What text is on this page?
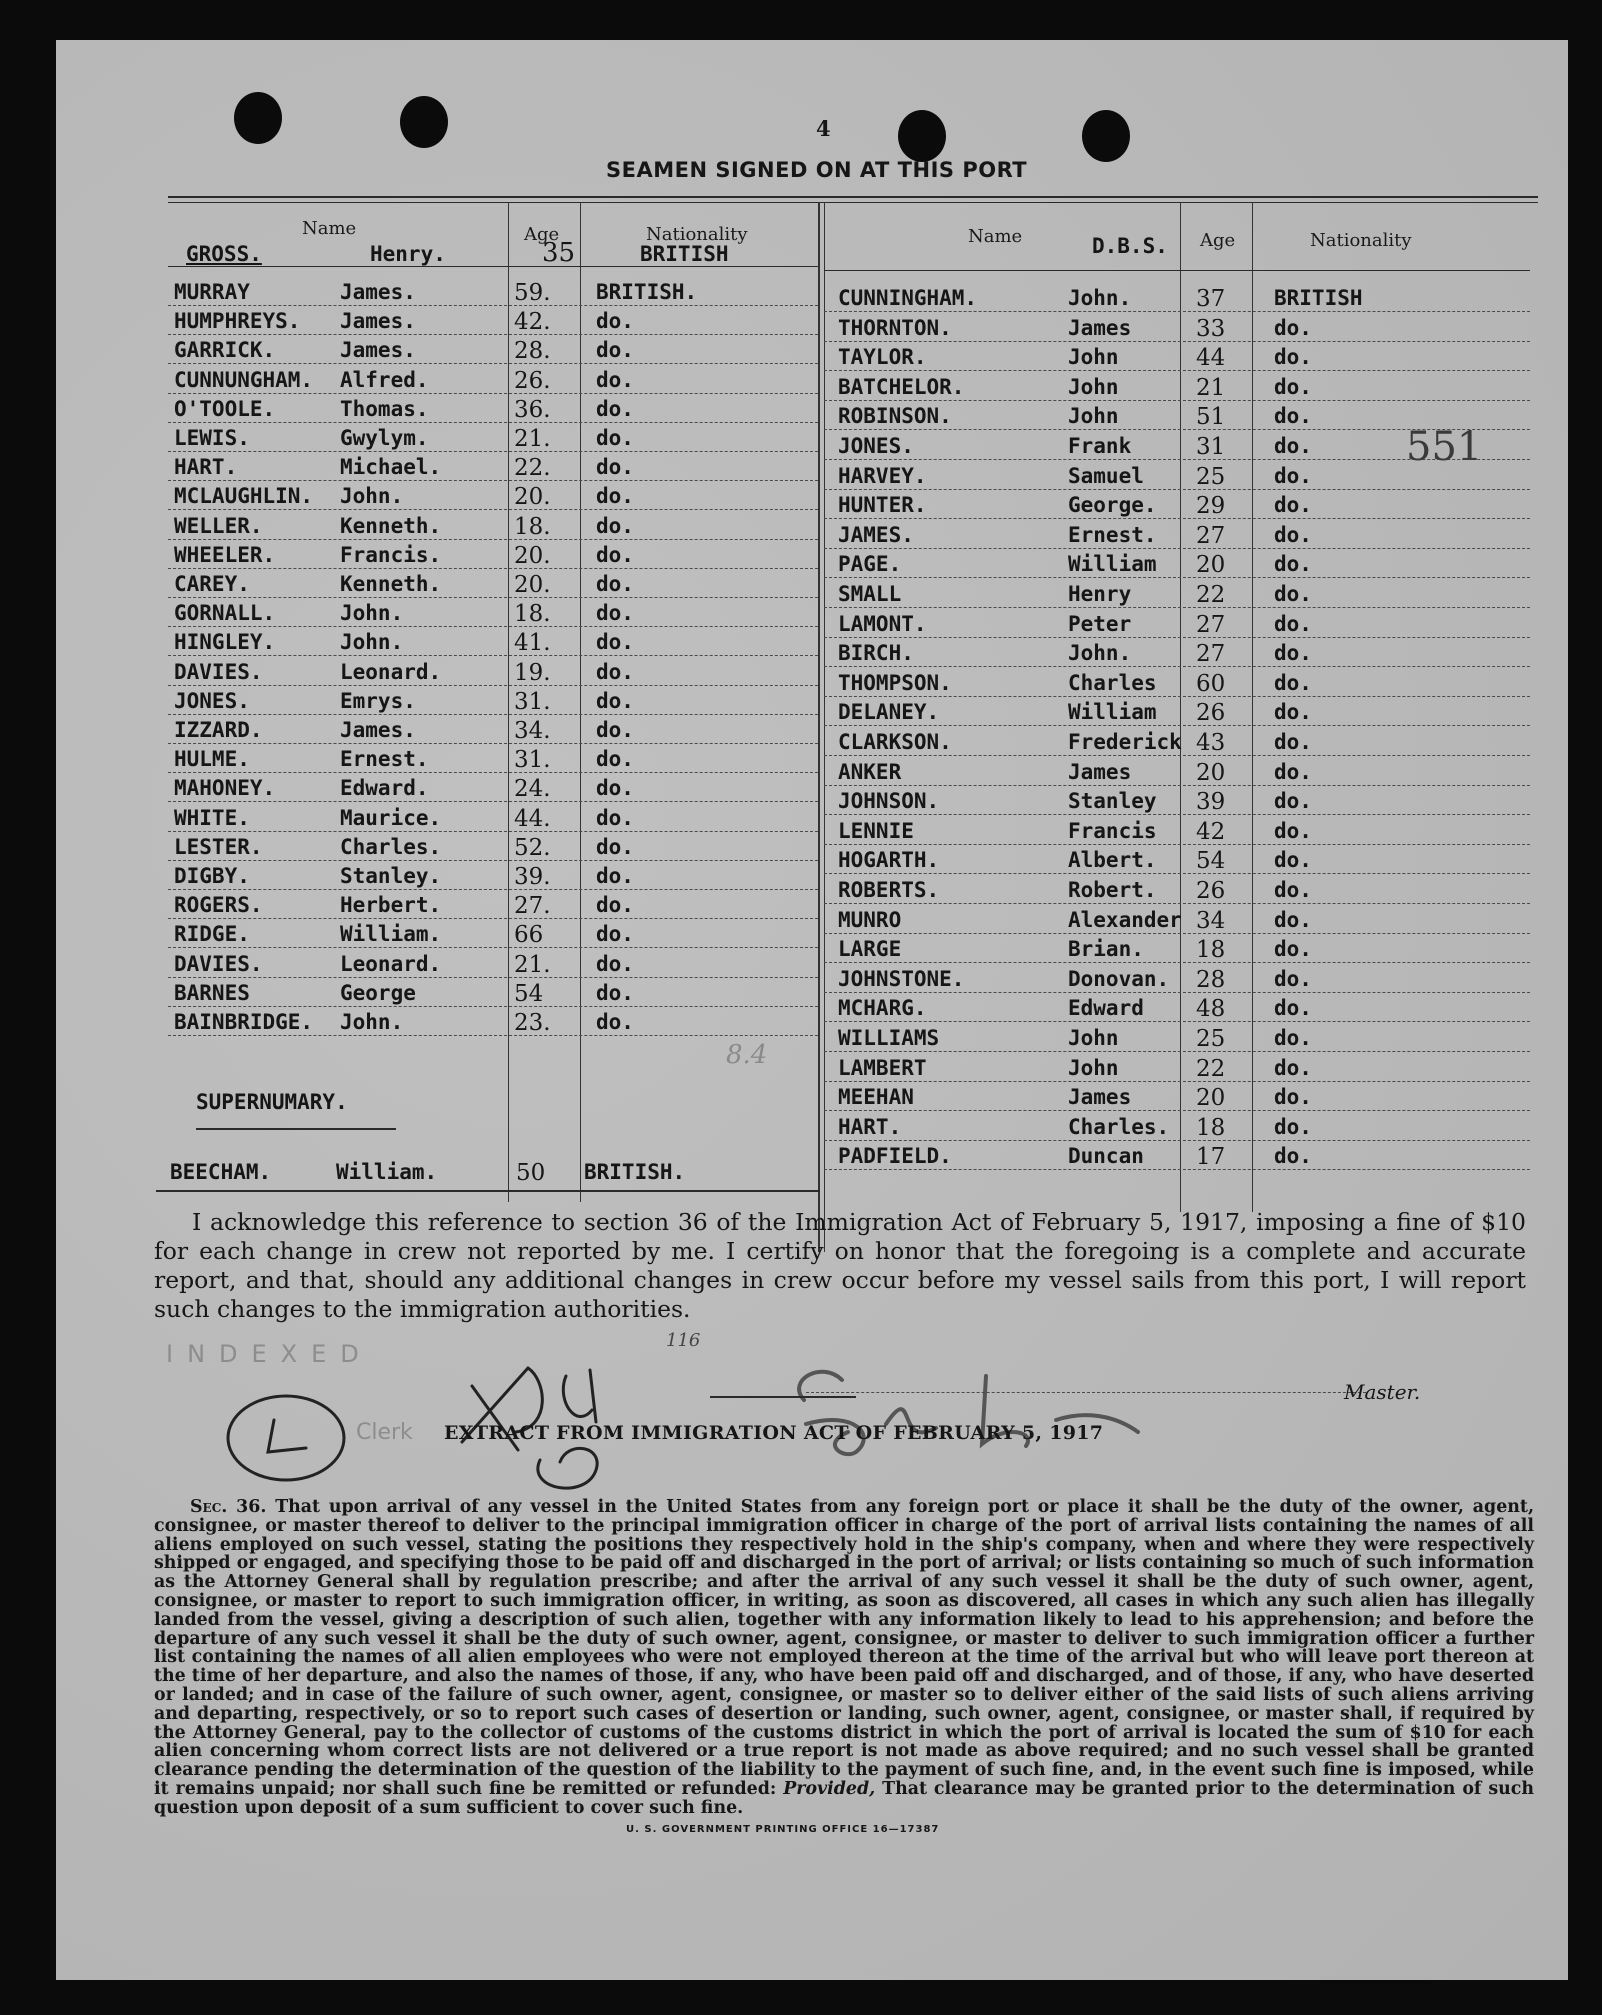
4
SEAMEN SIGNED ON AT THIS PORT
Name	Age	Nationality	Name	D.B.S. Age	Nationality
GROSS.	Henry.	35	BRITISH
MURRAY	James.	59. BRITISH.
HUMPHREYS. James.	42. do.
GARRICK.	James.	28. do.
CUNNUNGHAM. Alfred.	26. do.
O'TOOLE.	Thomas.	36. do.
LEWIS.	Gwylym.	21. do.
HART.	Michael.	22. do.
MCLAUGHLIN. John.	20. do.
WELLER.	Kenneth.	18. do.
WHEELER.	Francis.	20. do.
CAREY.	Kenneth.	20. do.
GORNALL.	John.	18. do.
HINGLEY.	John.	41. do.
DAVIES.	Leonard.	19. do.
JONES.	Emrys.	31. do.
IZZARD.	James.	34. do.
HULME.	Ernest.	31. do.
MAHONEY.	Edward.	24. do.
WHITE.	Maurice.	44. do.
LESTER.	Charles.	52. do.
DIGBY.	Stanley.	39. do.
ROGERS.	Herbert.	27. do.
RIDGE.	William.	66	do.
DAVIES.	Leonard.	21. do.
BARNES	George	54	do.
BAINBRIDGE. John.	23. do.
CUNNINGHAM.	John.	37 BRITISH
THORNTON.	James	33 do.
TAYLOR.	John	44 do.
BATCHELOR.	John	21 do.
ROBINSON.	John	51 do.
JONES.	Frank	31 do.
HARVEY.	Samuel 25 do.
HUNTER.	George. 29 do.
JAMES.	Ernest. 27 do.
PAGE.	William 20 do.
SMALL	Henry	22 do.
LAMONT.	Peter	27 do.
BIRCH.	John.	27 do.
THOMPSON.	Charles 60 do.
DELANEY.	William 26 do.
CLARKSON.	Frederick 43 do.
ANKER	James	20 do.
JOHNSON.	Stanley 39 do.
LENNIE	Francis 42 do.
HOGARTH.	Albert. 54 do.
ROBERTS.	Robert. 26 do.
MUNRO	Alexander 34 do.
LARGE	Brian. 18 do.
JOHNSTONE.	Donovan. 28 do.
MCHARG.	Edward 48 do.
WILLIAMS	John	25 do.
LAMBERT	John	22 do.
MEEHAN	James	20 do.
HART.	Charles. 18 do.
PADFIELD.	Duncan 17 do.
SUPERNUMARY.
BEECHAM.	William.	50 BRITISH.
I acknowledge this reference to section 36 of the Immigration Act of February 5, 1917, imposing a fine of $10 for each change in crew not reported by me. I certify on honor that the foregoing is a complete and accurate report, and that, should any additional changes in crew occur before my vessel sails from this port, I will report such changes to the immigration authorities.
INDEXED
Clerk
551
116
8.4
Master.
EXTRACT FROM IMMIGRATION ACT OF FEBRUARY 5, 1917
Sec. 36. That upon arrival of any vessel in the United States from any foreign port or place it shall be the duty of the owner, agent, consignee, or master thereof to deliver to the principal immigration officer in charge of the port of arrival lists containing the names of all aliens employed on such vessel, stating the positions they respectively hold in the ship's company, when and where they were respectively shipped or engaged, and specifying those to be paid off and discharged in the port of arrival; or lists containing so much of such information as the Attorney General shall by regulation prescribe; and after the arrival of any such vessel it shall be the duty of such owner, agent, consignee, or master to report to such immigration officer, in writing, as soon as discovered, all cases in which any such alien has illegally landed from the vessel, giving a description of such alien, together with any information likely to lead to his apprehension; and before the departure of any such vessel it shall be the duty of such owner, agent, consignee, or master to deliver to such immigration officer a further list containing the names of all alien employees who were not employed thereon at the time of the arrival but who will leave port thereon at the time of her departure, and also the names of those, if any, who have been paid off and discharged, and of those, if any, who have deserted or landed; and in case of the failure of such owner, agent, consignee, or master so to deliver either of the said lists of such aliens arriving and departing, respectively, or so to report such cases of desertion or landing, such owner, agent, consignee, or master shall, if required by the Attorney General, pay to the collector of customs of the customs district in which the port of arrival is located the sum of $10 for each alien concerning whom correct lists are not delivered or a true report is not made as above required; and no such vessel shall be granted clearance pending the determination of the question of the liability to the payment of such fine, and, in the event such fine is imposed, while it remains unpaid; nor shall such fine be remitted or refunded: Provided, That clearance may be granted prior to the determination of such question upon deposit of a sum sufficient to cover such fine.
U. S. GOVERNMENT PRINTING OFFICE 16—17387
